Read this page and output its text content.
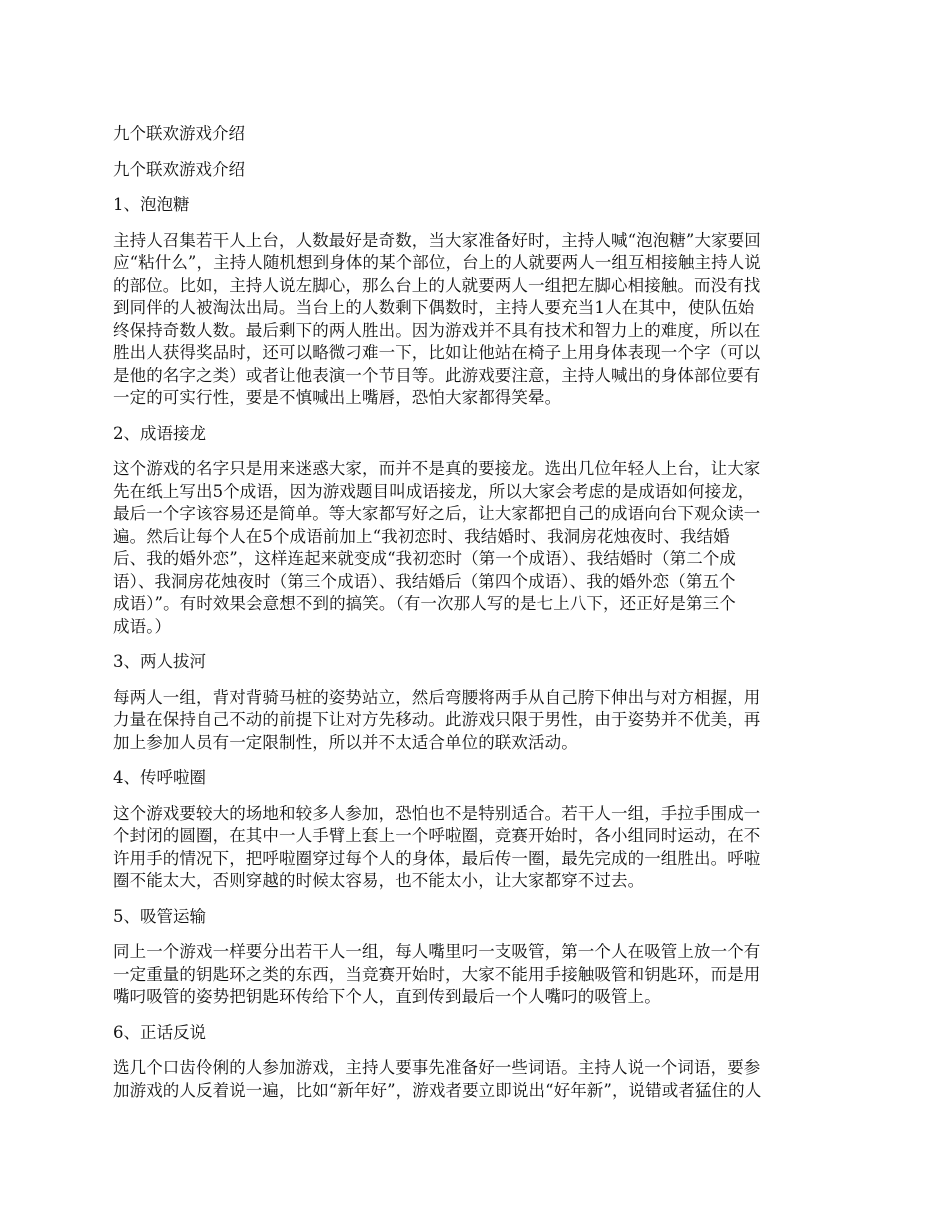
九个联欢游戏介绍

九个联欢游戏介绍

1、泡泡糖

主持人召集若干人上台，人数最好是奇数，当大家准备好时，主持人喊“泡泡糖”大家要回

应“粘什么”，主持人随机想到身体的某个部位，台上的人就要两人一组互相接触主持人说

的部位。比如，主持人说左脚心，那么台上的人就要两人一组把左脚心相接触。而没有找

到同伴的人被淘汰出局。当台上的人数剩下偶数时，主持人要充当1人在其中，使队伍始

终保持奇数人数。最后剩下的两人胜出。因为游戏并不具有技术和智力上的难度，所以在

胜出人获得奖品时，还可以略微刁难一下，比如让他站在椅子上用身体表现一个字（可以

是他的名字之类）或者让他表演一个节目等。此游戏要注意，主持人喊出的身体部位要有

一定的可实行性，要是不慎喊出上嘴唇，恐怕大家都得笑晕。

2、成语接龙

这个游戏的名字只是用来迷惑大家，而并不是真的要接龙。选出几位年轻人上台，让大家

先在纸上写出5个成语，因为游戏题目叫成语接龙，所以大家会考虑的是成语如何接龙，

最后一个字该容易还是简单。等大家都写好之后，让大家都把自己的成语向台下观众读一

遍。然后让每个人在5个成语前加上“我初恋时、我结婚时、我洞房花烛夜时、我结婚

后、我的婚外恋”，这样连起来就变成“我初恋时（第一个成语）、我结婚时（第二个成

语）、我洞房花烛夜时（第三个成语）、我结婚后（第四个成语）、我的婚外恋（第五个

成语）”。有时效果会意想不到的搞笑。（有一次那人写的是七上八下，还正好是第三个

成语。）

3、两人拔河

每两人一组，背对背骑马桩的姿势站立，然后弯腰将两手从自己胯下伸出与对方相握，用

力量在保持自己不动的前提下让对方先移动。此游戏只限于男性，由于姿势并不优美，再

加上参加人员有一定限制性，所以并不太适合单位的联欢活动。

4、传呼啦圈

这个游戏要较大的场地和较多人参加，恐怕也不是特别适合。若干人一组，手拉手围成一

个封闭的圆圈，在其中一人手臂上套上一个呼啦圈，竞赛开始时，各小组同时运动，在不

许用手的情况下，把呼啦圈穿过每个人的身体，最后传一圈，最先完成的一组胜出。呼啦

圈不能太大，否则穿越的时候太容易，也不能太小，让大家都穿不过去。

5、吸管运输

同上一个游戏一样要分出若干人一组，每人嘴里叼一支吸管，第一个人在吸管上放一个有

一定重量的钥匙环之类的东西，当竞赛开始时，大家不能用手接触吸管和钥匙环，而是用

嘴叼吸管的姿势把钥匙环传给下个人，直到传到最后一个人嘴叼的吸管上。

6、正话反说

选几个口齿伶俐的人参加游戏，主持人要事先准备好一些词语。主持人说一个词语，要参

加游戏的人反着说一遍，比如“新年好”，游戏者要立即说出“好年新”，说错或者猛住的人
